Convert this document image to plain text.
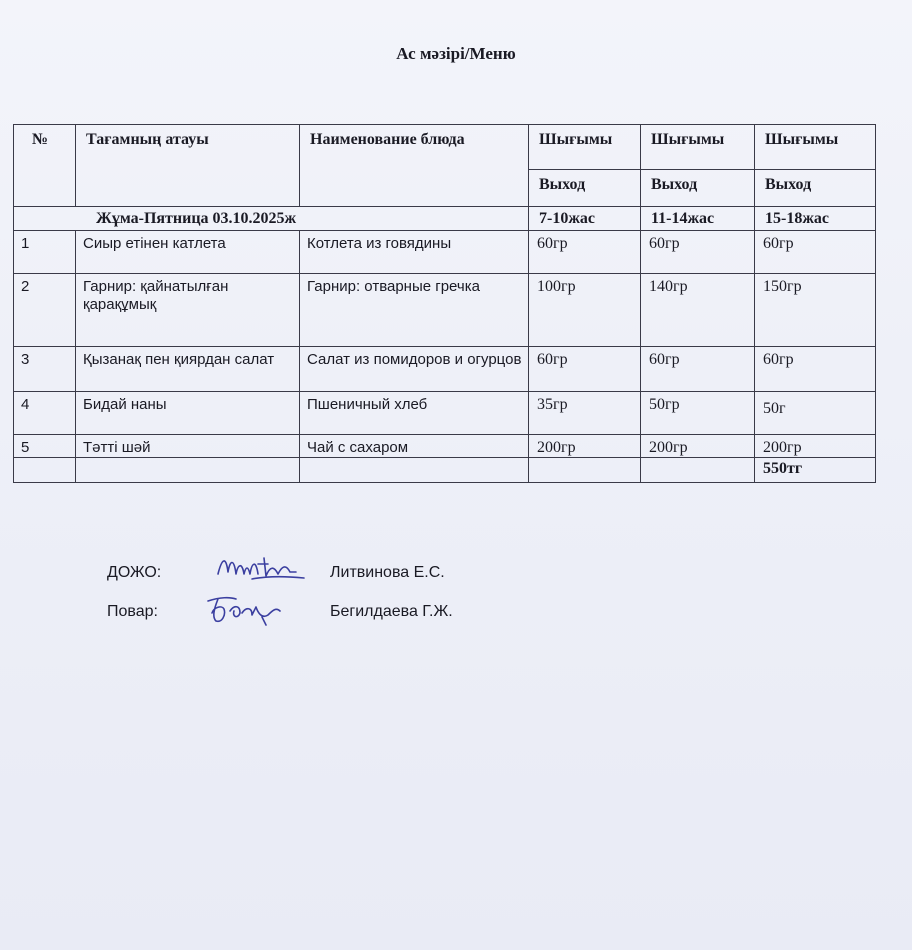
Ас мәзірі/Меню
№	Тағамның атауы	Наименование блюда	Шығымы	Шығымы	Шығымы
			Выход	Выход	Выход
Жұма-Пятница 03.10.2025ж			7-10жас	11-14жас	15-18жас
1	Сиыр етінен катлета	Котлета из говядины	60гр	60гр	60гр
2	Гарнир: қайнатылған қарақұмық	Гарнир: отварные гречка	100гр	140гр	150гр
3	Қызанақ пен қиярдан салат	Салат из помидоров и огурцов	60гр	60гр	60гр
4	Бидай наны	Пшеничный хлеб	35гр	50гр	50г
5	Тәтті шәй	Чай с сахаром	200гр	200гр	200гр
					550тг
ДОЖО:	Литвинова Е.С.
Повар:	Бегилдаева Г.Ж.
